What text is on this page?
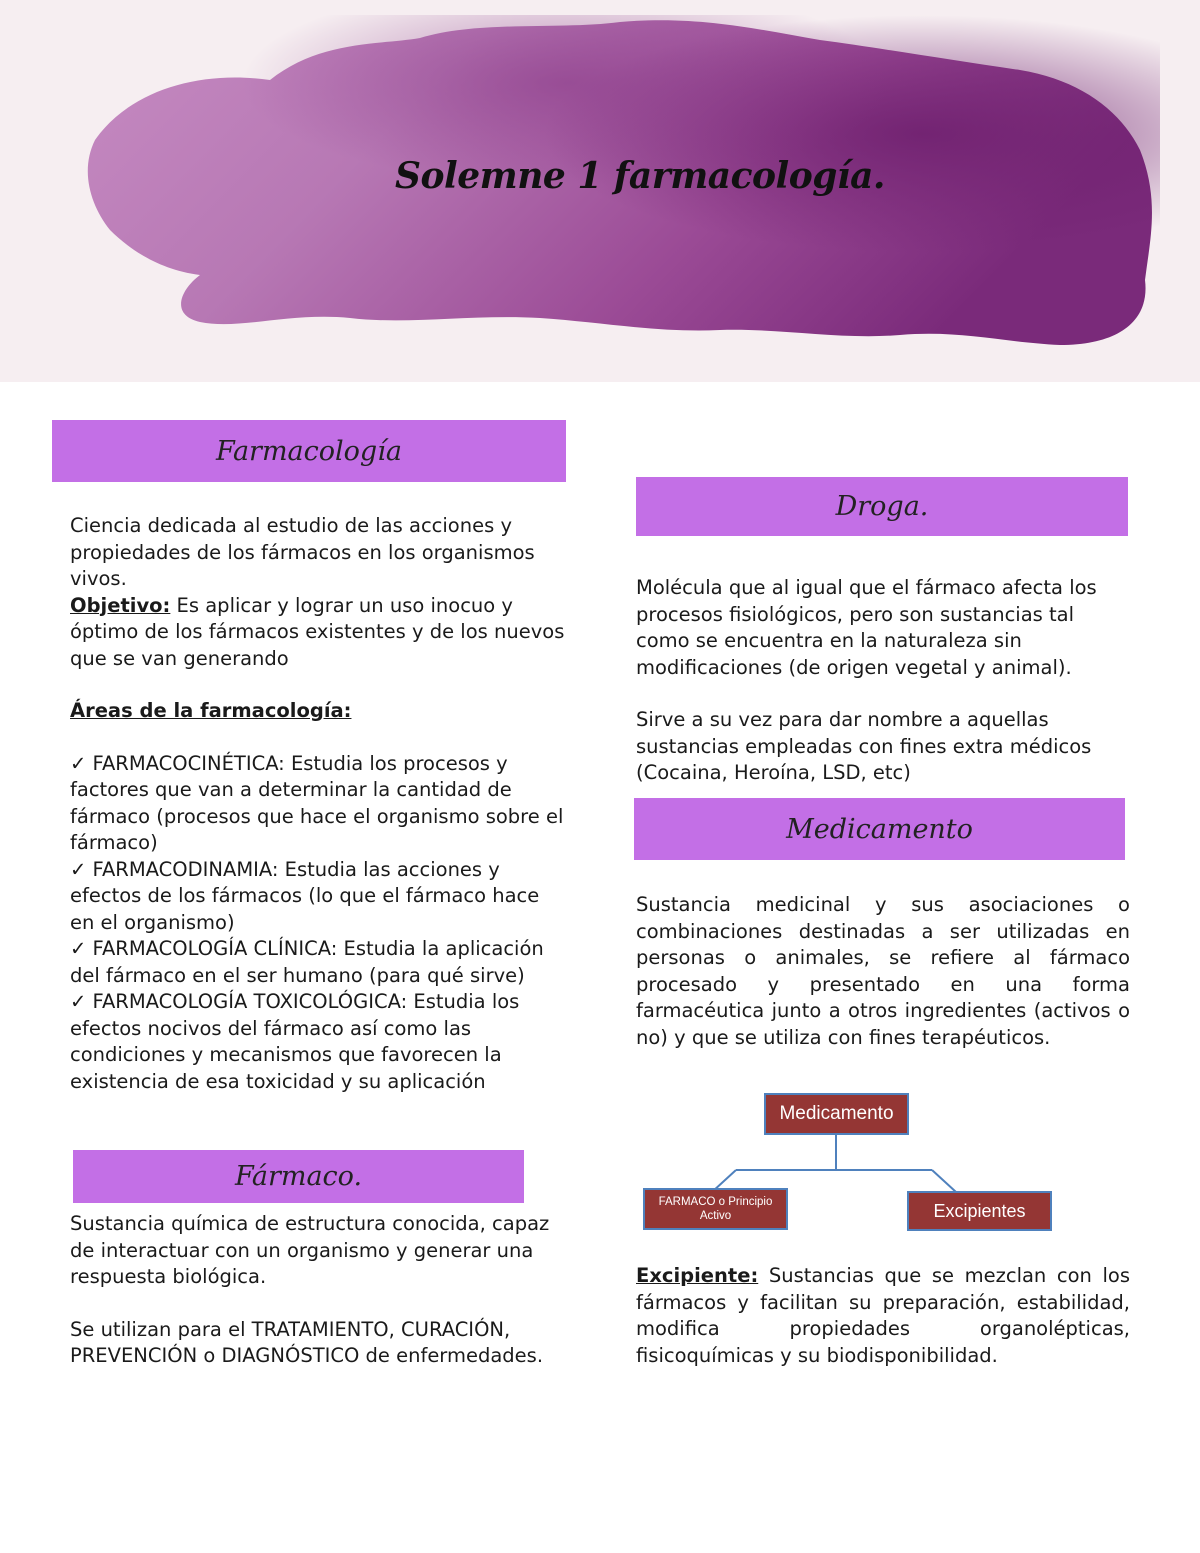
Solemne 1 farmacología.
Farmacología

Ciencia dedicada al estudio de las acciones y propiedades de los fármacos en los organismos vivos.

Objetivo: Es aplicar y lograr un uso inocuo y óptimo de los fármacos existentes y de los nuevos que se van generando

Áreas de la farmacología:

✓ FARMACOCINÉTICA: Estudia los procesos y factores que van a determinar la cantidad de fármaco (procesos que hace el organismo sobre el fármaco)

✓ FARMACODINAMIA: Estudia las acciones y efectos de los fármacos (lo que el fármaco hace en el organismo)

✓ FARMACOLOGÍA CLÍNICA: Estudia la aplicación del fármaco en el ser humano (para qué sirve)

✓ FARMACOLOGÍA TOXICOLÓGICA: Estudia los efectos nocivos del fármaco así como las condiciones y mecanismos que favorecen la existencia de esa toxicidad y su aplicación

Fármaco.

Sustancia química de estructura conocida, capaz de interactuar con un organismo y generar una respuesta biológica.

Se utilizan para el TRATAMIENTO, CURACIÓN, PREVENCIÓN o DIAGNÓSTICO de enfermedades.

Droga.

Molécula que al igual que el fármaco afecta los procesos fisiológicos, pero son sustancias tal como se encuentra en la naturaleza sin modificaciones (de origen vegetal y animal).

Sirve a su vez para dar nombre a aquellas sustancias empleadas con fines extra médicos (Cocaina, Heroína, LSD, etc)

Medicamento

Sustancia medicinal y sus asociaciones o combinaciones destinadas a ser utilizadas en personas o animales, se refiere al fármaco procesado y presentado en una forma farmacéutica junto a otros ingredientes (activos o no) y que se utiliza con fines terapéuticos.

Medicamento
FARMACO o Principio Activo	Excipientes

Excipiente: Sustancias que se mezclan con los fármacos y facilitan su preparación, estabilidad, modifica propiedades organolépticas, fisicoquímicas y su biodisponibilidad.
